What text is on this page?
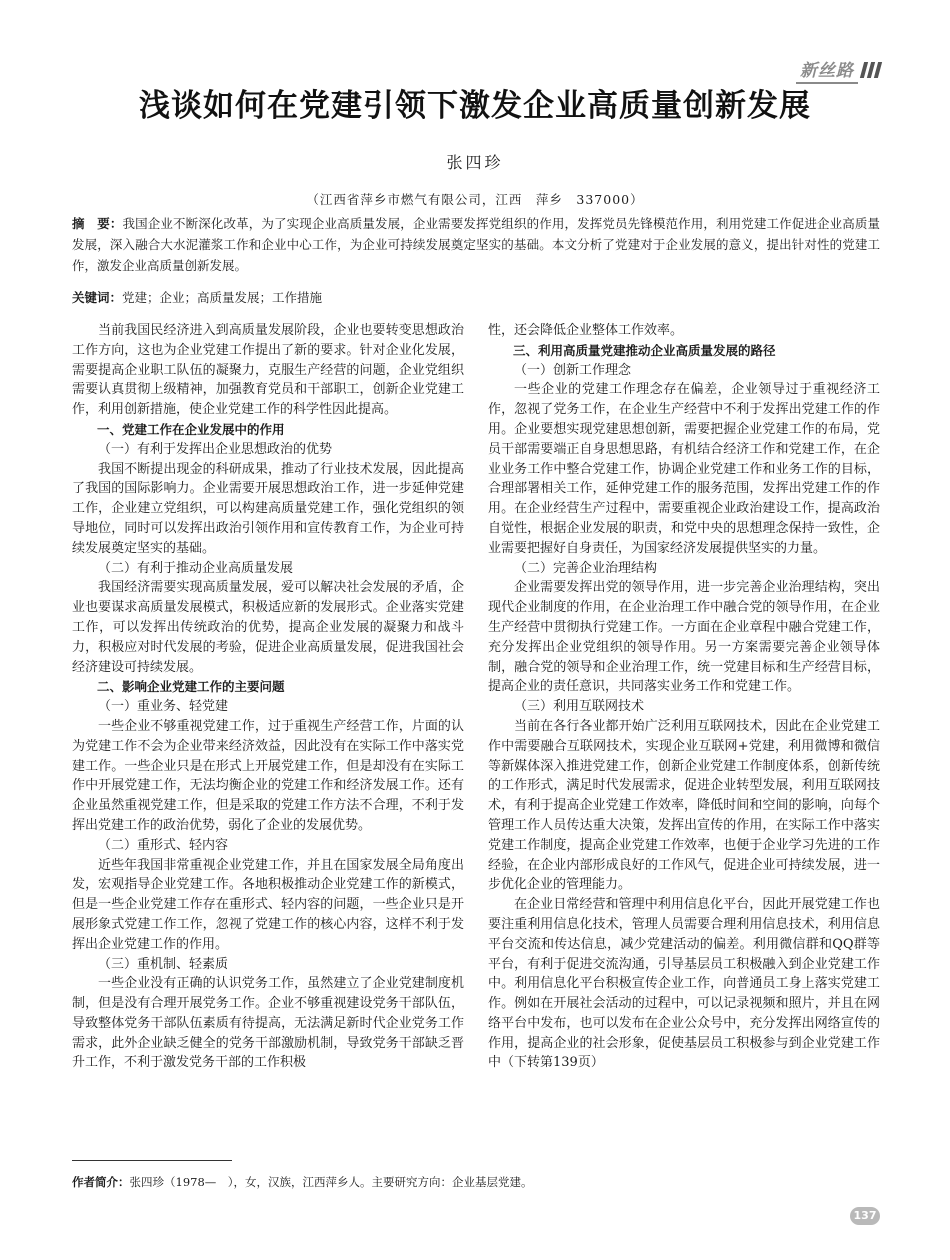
新丝路
浅谈如何在党建引领下激发企业高质量创新发展
张四珍
（江西省萍乡市燃气有限公司，江西　萍乡　337000）
摘　要：我国企业不断深化改革，为了实现企业高质量发展，企业需要发挥党组织的作用，发挥党员先锋模范作用，利用党建工作促进企业高质量发展，深入融合大水泥灌浆工作和企业中心工作，为企业可持续发展奠定坚实的基础。本文分析了党建对于企业发展的意义，提出针对性的党建工作，激发企业高质量创新发展。
关键词：党建；企业；高质量发展；工作措施

当前我国民经济进入到高质量发展阶段，企业也要转变思想政治工作方向，这也为企业党建工作提出了新的要求。针对企业化发展，需要提高企业职工队伍的凝聚力，克服生产经营的问题，企业党组织需要认真贯彻上级精神，加强教育党员和干部职工，创新企业党建工作，利用创新措施，使企业党建工作的科学性因此提高。

一、党建工作在企业发展中的作用

（一）有利于发挥出企业思想政治的优势

我国不断提出现金的科研成果，推动了行业技术发展，因此提高了我国的国际影响力。企业需要开展思想政治工作，进一步延伸党建工作，企业建立党组织，可以构建高质量党建工作，强化党组织的领导地位，同时可以发挥出政治引领作用和宣传教育工作，为企业可持续发展奠定坚实的基础。

（二）有利于推动企业高质量发展

我国经济需要实现高质量发展，爱可以解决社会发展的矛盾，企业也要谋求高质量发展模式，积极适应新的发展形式。企业落实党建工作，可以发挥出传统政治的优势，提高企业发展的凝聚力和战斗力，积极应对时代发展的考验，促进企业高质量发展，促进我国社会经济建设可持续发展。

二、影响企业党建工作的主要问题

（一）重业务、轻党建

一些企业不够重视党建工作，过于重视生产经营工作，片面的认为党建工作不会为企业带来经济效益，因此没有在实际工作中落实党建工作。一些企业只是在形式上开展党建工作，但是却没有在实际工作中开展党建工作，无法均衡企业的党建工作和经济发展工作。还有企业虽然重视党建工作，但是采取的党建工作方法不合理，不利于发挥出党建工作的政治优势，弱化了企业的发展优势。

（二）重形式、轻内容

近些年我国非常重视企业党建工作，并且在国家发展全局角度出发，宏观指导企业党建工作。各地积极推动企业党建工作的新模式，但是一些企业党建工作存在重形式、轻内容的问题，一些企业只是开展形象式党建工作工作，忽视了党建工作的核心内容，这样不利于发挥出企业党建工作的作用。

（三）重机制、轻素质

一些企业没有正确的认识党务工作，虽然建立了企业党建制度机制，但是没有合理开展党务工作。企业不够重视建设党务干部队伍，导致整体党务干部队伍素质有待提高，无法满足新时代企业党务工作需求，此外企业缺乏健全的党务干部激励机制，导致党务干部缺乏晋升工作，不利于激发党务干部的工作积极

性，还会降低企业整体工作效率。

三、利用高质量党建推动企业高质量发展的路径

（一）创新工作理念

一些企业的党建工作理念存在偏差，企业领导过于重视经济工作，忽视了党务工作，在企业生产经营中不利于发挥出党建工作的作用。企业要想实现党建思想创新，需要把握企业党建工作的布局，党员干部需要端正自身思想思路，有机结合经济工作和党建工作，在企业业务工作中整合党建工作，协调企业党建工作和业务工作的目标，合理部署相关工作，延伸党建工作的服务范围，发挥出党建工作的作用。在企业经营生产过程中，需要重视企业政治建设工作，提高政治自觉性，根据企业发展的职责，和党中央的思想理念保持一致性，企业需要把握好自身责任，为国家经济发展提供坚实的力量。

（二）完善企业治理结构

企业需要发挥出党的领导作用，进一步完善企业治理结构，突出现代企业制度的作用，在企业治理工作中融合党的领导作用，在企业生产经营中贯彻执行党建工作。一方面在企业章程中融合党建工作，充分发挥出企业党组织的领导作用。另一方案需要完善企业领导体制，融合党的领导和企业治理工作，统一党建目标和生产经营目标，提高企业的责任意识，共同落实业务工作和党建工作。

（三）利用互联网技术

当前在各行各业都开始广泛利用互联网技术，因此在企业党建工作中需要融合互联网技术，实现企业互联网+党建，利用微博和微信等新媒体深入推进党建工作，创新企业党建工作制度体系，创新传统的工作形式，满足时代发展需求，促进企业转型发展，利用互联网技术，有利于提高企业党建工作效率，降低时间和空间的影响，向每个管理工作人员传达重大决策，发挥出宣传的作用，在实际工作中落实党建工作制度，提高企业党建工作效率，也便于企业学习先进的工作经验，在企业内部形成良好的工作风气，促进企业可持续发展，进一步优化企业的管理能力。

在企业日常经营和管理中利用信息化平台，因此开展党建工作也要注重利用信息化技术，管理人员需要合理利用信息技术，利用信息平台交流和传达信息，减少党建活动的偏差。利用微信群和QQ群等平台，有利于促进交流沟通，引导基层员工积极融入到企业党建工作中。利用信息化平台积极宣传企业工作，向普通员工身上落实党建工作。例如在开展社会活动的过程中，可以记录视频和照片，并且在网络平台中发布，也可以发布在企业公众号中，充分发挥出网络宣传的作用，提高企业的社会形象，促使基层员工积极参与到企业党建工作中（下转第139页）

作者简介：张四珍（1978—　），女，汉族，江西萍乡人。主要研究方向：企业基层党建。
137
